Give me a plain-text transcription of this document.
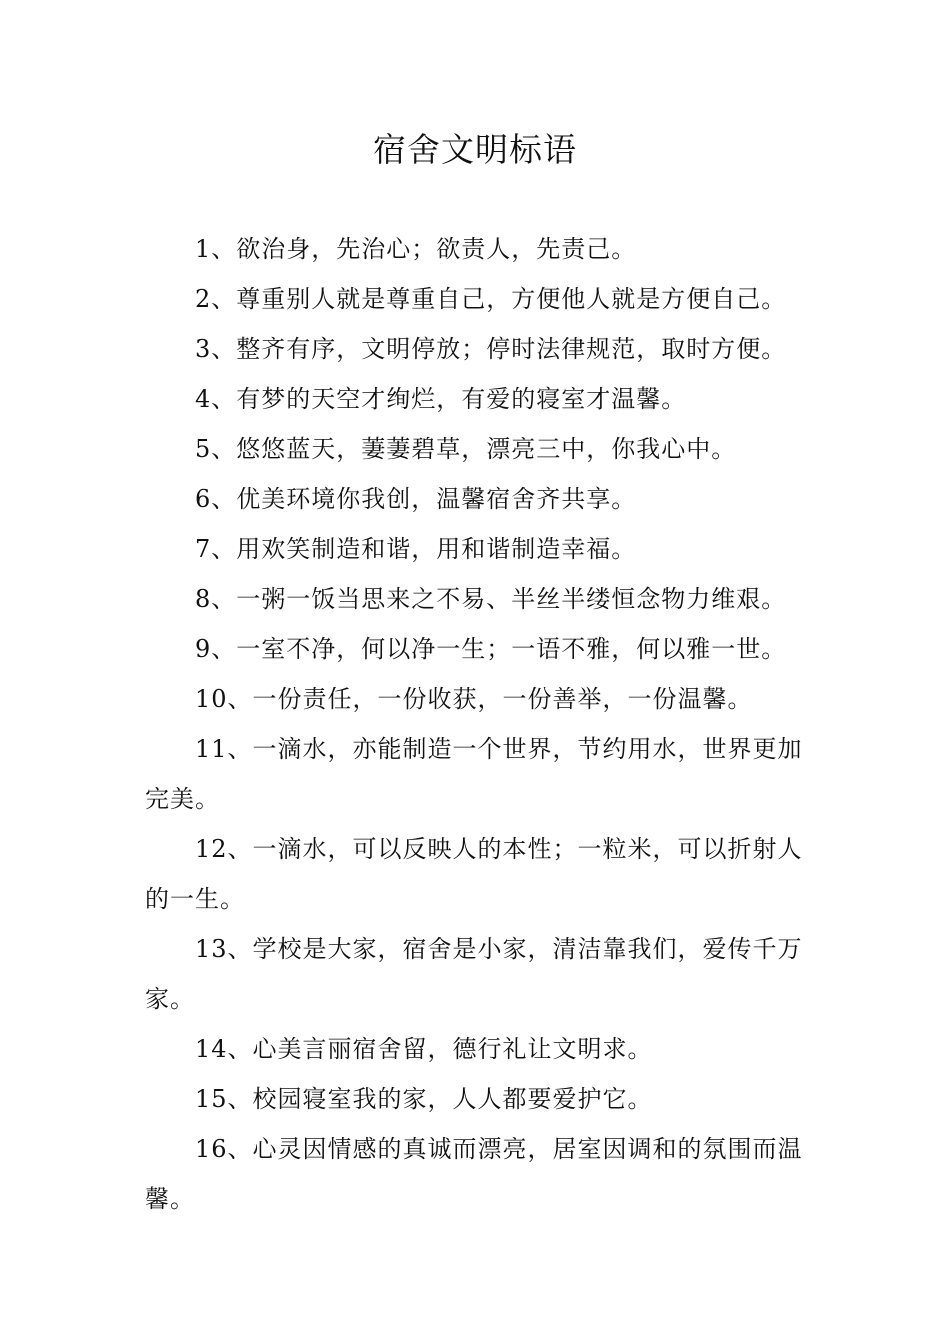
宿舍文明标语
1、欲治身，先治心；欲责人，先责己。
2、尊重别人就是尊重自己，方便他人就是方便自己。
3、整齐有序，文明停放；停时法律规范，取时方便。
4、有梦的天空才绚烂，有爱的寝室才温馨。
5、悠悠蓝天，萋萋碧草，漂亮三中，你我心中。
6、优美环境你我创，温馨宿舍齐共享。
7、用欢笑制造和谐，用和谐制造幸福。
8、一粥一饭当思来之不易、半丝半缕恒念物力维艰。
9、一室不净，何以净一生；一语不雅，何以雅一世。
10、一份责任，一份收获，一份善举，一份温馨。
11、一滴水，亦能制造一个世界，节约用水，世界更加完美。
12、一滴水，可以反映人的本性；一粒米，可以折射人的一生。
13、学校是大家，宿舍是小家，清洁靠我们，爱传千万家。
14、心美言丽宿舍留，德行礼让文明求。
15、校园寝室我的家，人人都要爱护它。
16、心灵因情感的真诚而漂亮，居室因调和的氛围而温馨。
